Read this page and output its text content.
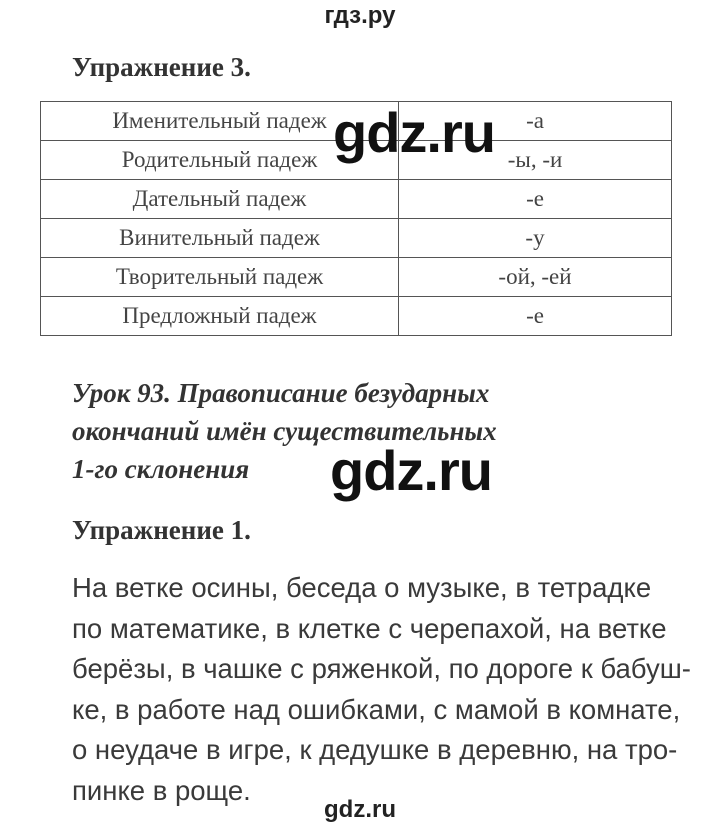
гдз.ру
Упражнение 3.
Именительный падеж	-а
Родительный падеж	-ы, -и
Дательный падеж	-е
Винительный падеж	-у
Творительный падеж	-ой, -ей
Предложный падеж	-е
Урок 93. Правописание безударных
окончаний имён существительных
1-го склонения
Упражнение 1.
На ветке осины, беседа о музыке, в тетрадке
по математике, в клетке с черепахой, на ветке
берёзы, в чашке с ряженкой, по дороге к бабуш-
ке, в работе над ошибками, с мамой в комнате,
о неудаче в игре, к дедушке в деревню, на тро-
пинке в роще.
gdz.ru
gdz.ru
gdz.ru
